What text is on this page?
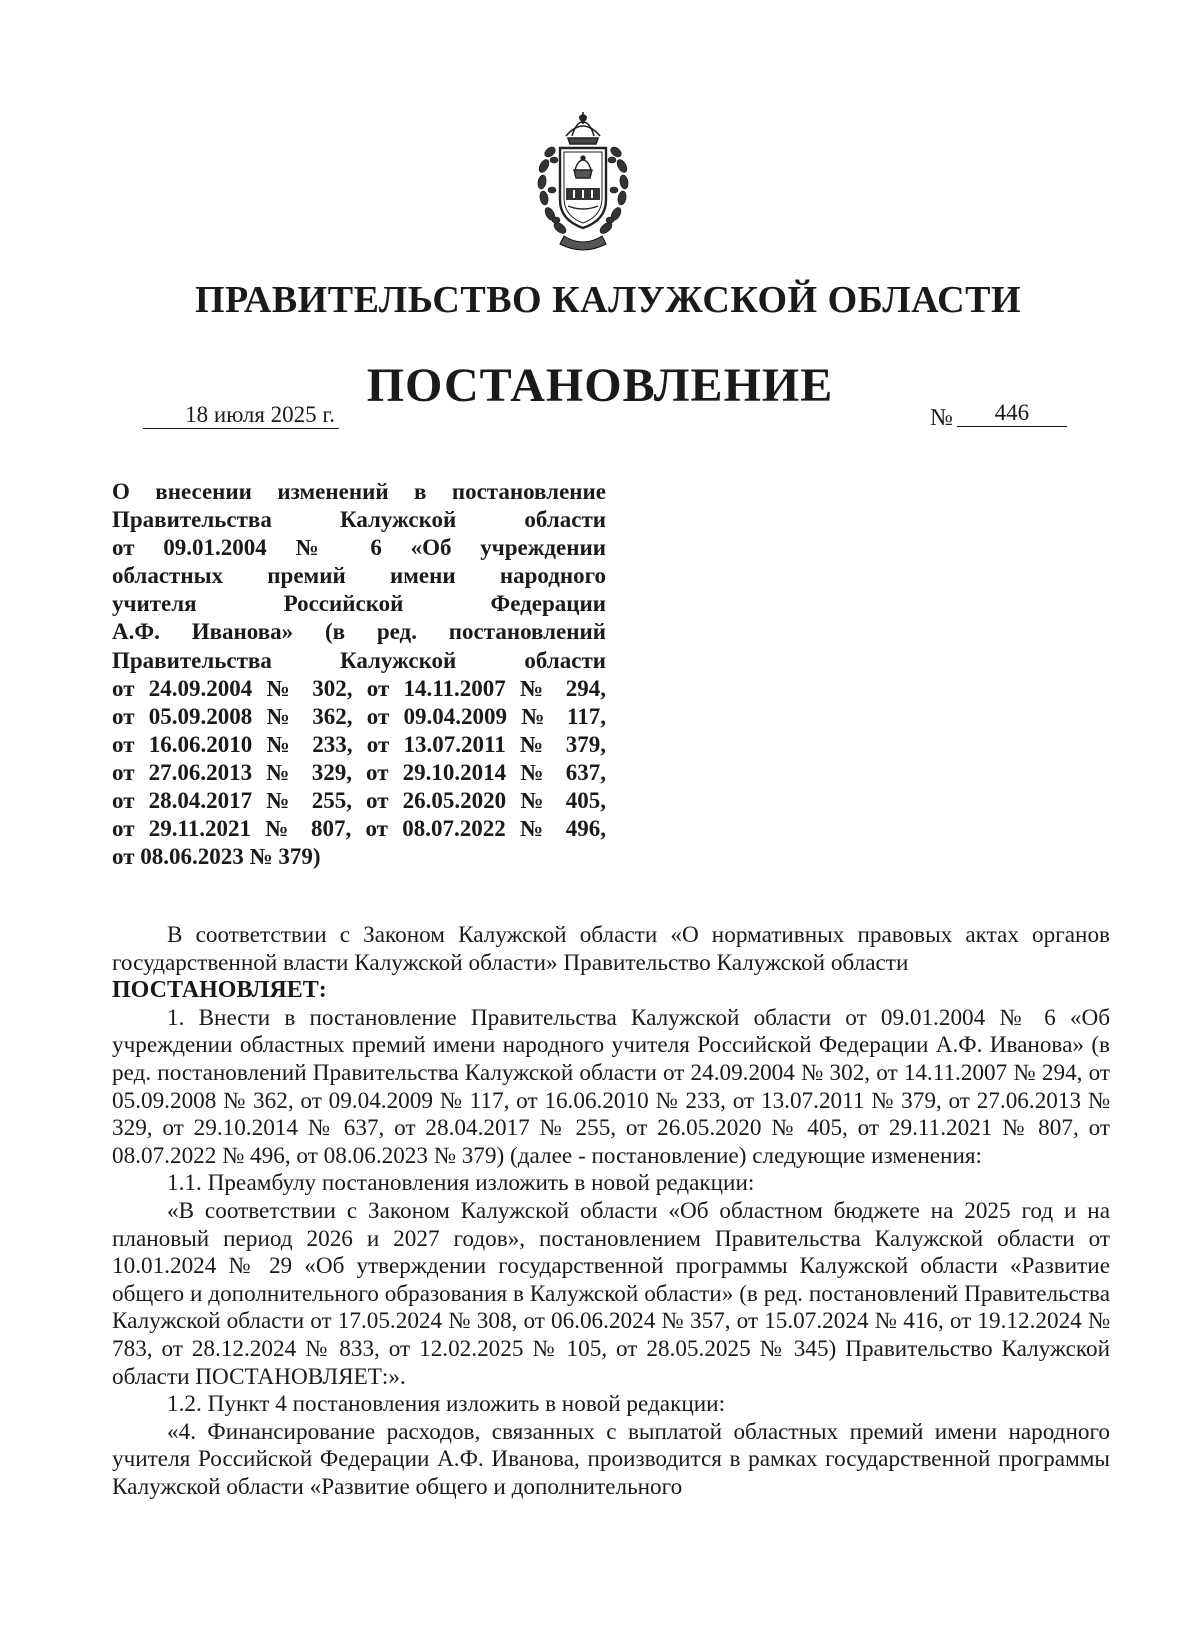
ПРАВИТЕЛЬСТВО КАЛУЖСКОЙ ОБЛАСТИ
ПОСТАНОВЛЕНИЕ
18 июля 2025 г.	№	446
О внесении изменений в постановление
Правительства Калужской области
от 09.01.2004 № 6 «Об учреждении
областных премий имени народного
учителя Российской Федерации
А.Ф. Иванова» (в ред. постановлений
Правительства Калужской области
от 24.09.2004 № 302, от 14.11.2007 № 294,
от 05.09.2008 № 362, от 09.04.2009 № 117,
от 16.06.2010 № 233, от 13.07.2011 № 379,
от 27.06.2013 № 329, от 29.10.2014 № 637,
от 28.04.2017 № 255, от 26.05.2020 № 405,
от 29.11.2021 № 807, от 08.07.2022 № 496,
от 08.06.2023 № 379)

В соответствии с Законом Калужской области «О нормативных правовых актах органов государственной власти Калужской области» Правительство Калужской области

ПОСТАНОВЛЯЕТ:

1. Внести в постановление Правительства Калужской области от 09.01.2004 № 6 «Об учреждении областных премий имени народного учителя Российской Федерации А.Ф. Иванова» (в ред. постановлений Правительства Калужской области от 24.09.2004 № 302, от 14.11.2007 № 294, от 05.09.2008 № 362, от 09.04.2009 № 117, от 16.06.2010 № 233, от 13.07.2011 № 379, от 27.06.2013 № 329, от 29.10.2014 № 637, от 28.04.2017 № 255, от 26.05.2020 № 405, от 29.11.2021 № 807, от 08.07.2022 № 496, от 08.06.2023 № 379) (далее - постановление) следующие изменения:

1.1. Преамбулу постановления изложить в новой редакции:

«В соответствии с Законом Калужской области «Об областном бюджете на 2025 год и на плановый период 2026 и 2027 годов», постановлением Правительства Калужской области от 10.01.2024 № 29 «Об утверждении государственной программы Калужской области «Развитие общего и дополнительного образования в Калужской области» (в ред. постановлений Правительства Калужской области от 17.05.2024 № 308, от 06.06.2024 № 357, от 15.07.2024 № 416, от 19.12.2024 № 783, от 28.12.2024 № 833, от 12.02.2025 № 105, от 28.05.2025 № 345) Правительство Калужской области ПОСТАНОВЛЯЕТ:».

1.2. Пункт 4 постановления изложить в новой редакции:

«4. Финансирование расходов, связанных с выплатой областных премий имени народного учителя Российской Федерации А.Ф. Иванова, производится в рамках государственной программы Калужской области «Развитие общего и дополнительного
